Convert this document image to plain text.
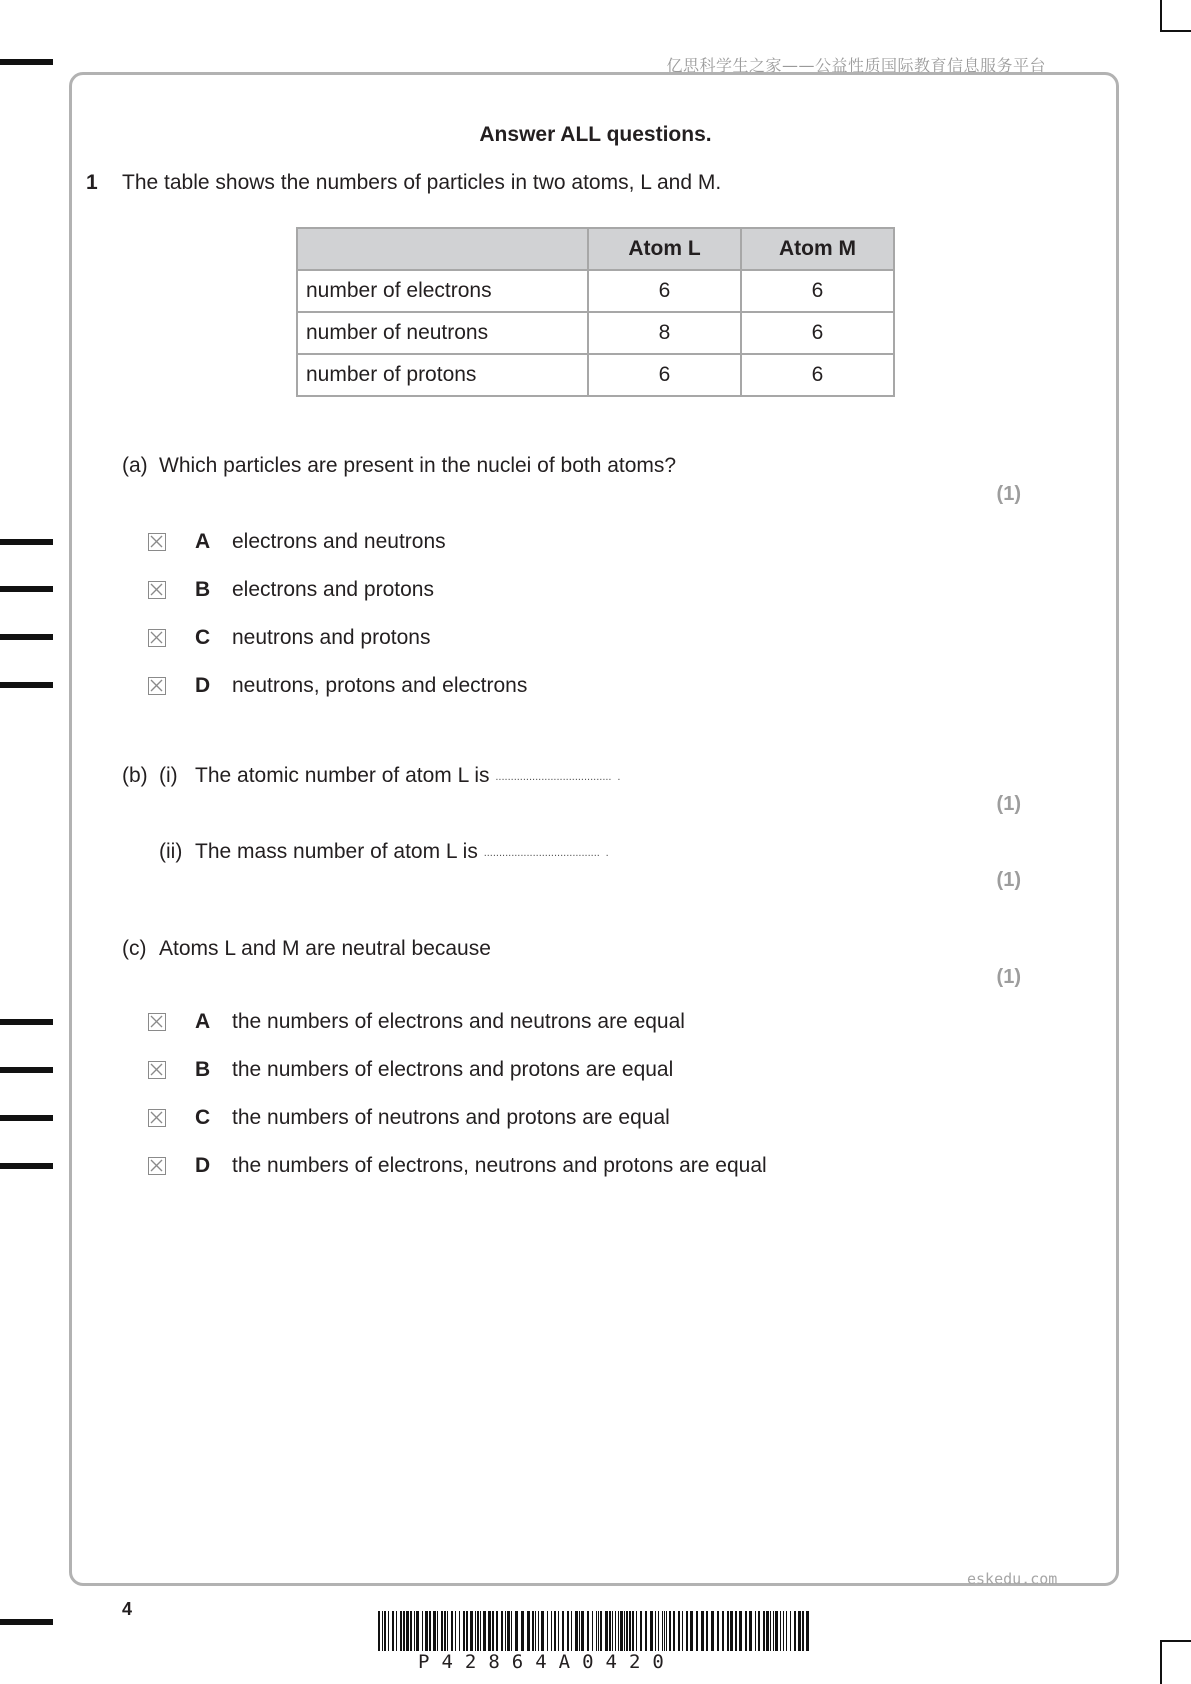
亿思科学生之家——公益性质国际教育信息服务平台
Answer ALL questions.
1 The table shows the numbers of particles in two atoms, L and M.
	Atom L	Atom M
number of electrons	6	6
number of neutrons	8	6
number of protons	6	6
(a) Which particles are present in the nuclei of both atoms?
(1)
A electrons and neutrons
B electrons and protons
C neutrons and protons
D neutrons, protons and electrons
(b) (i) The atomic number of atom L is ...................................... .
(1)
(ii) The mass number of atom L is ...................................... .
(1)
(c) Atoms L and M are neutral because
(1)
A the numbers of electrons and neutrons are equal
B the numbers of electrons and protons are equal
C the numbers of neutrons and protons are equal
D the numbers of electrons, neutrons and protons are equal
eskedu.com
4
P42864A0420
